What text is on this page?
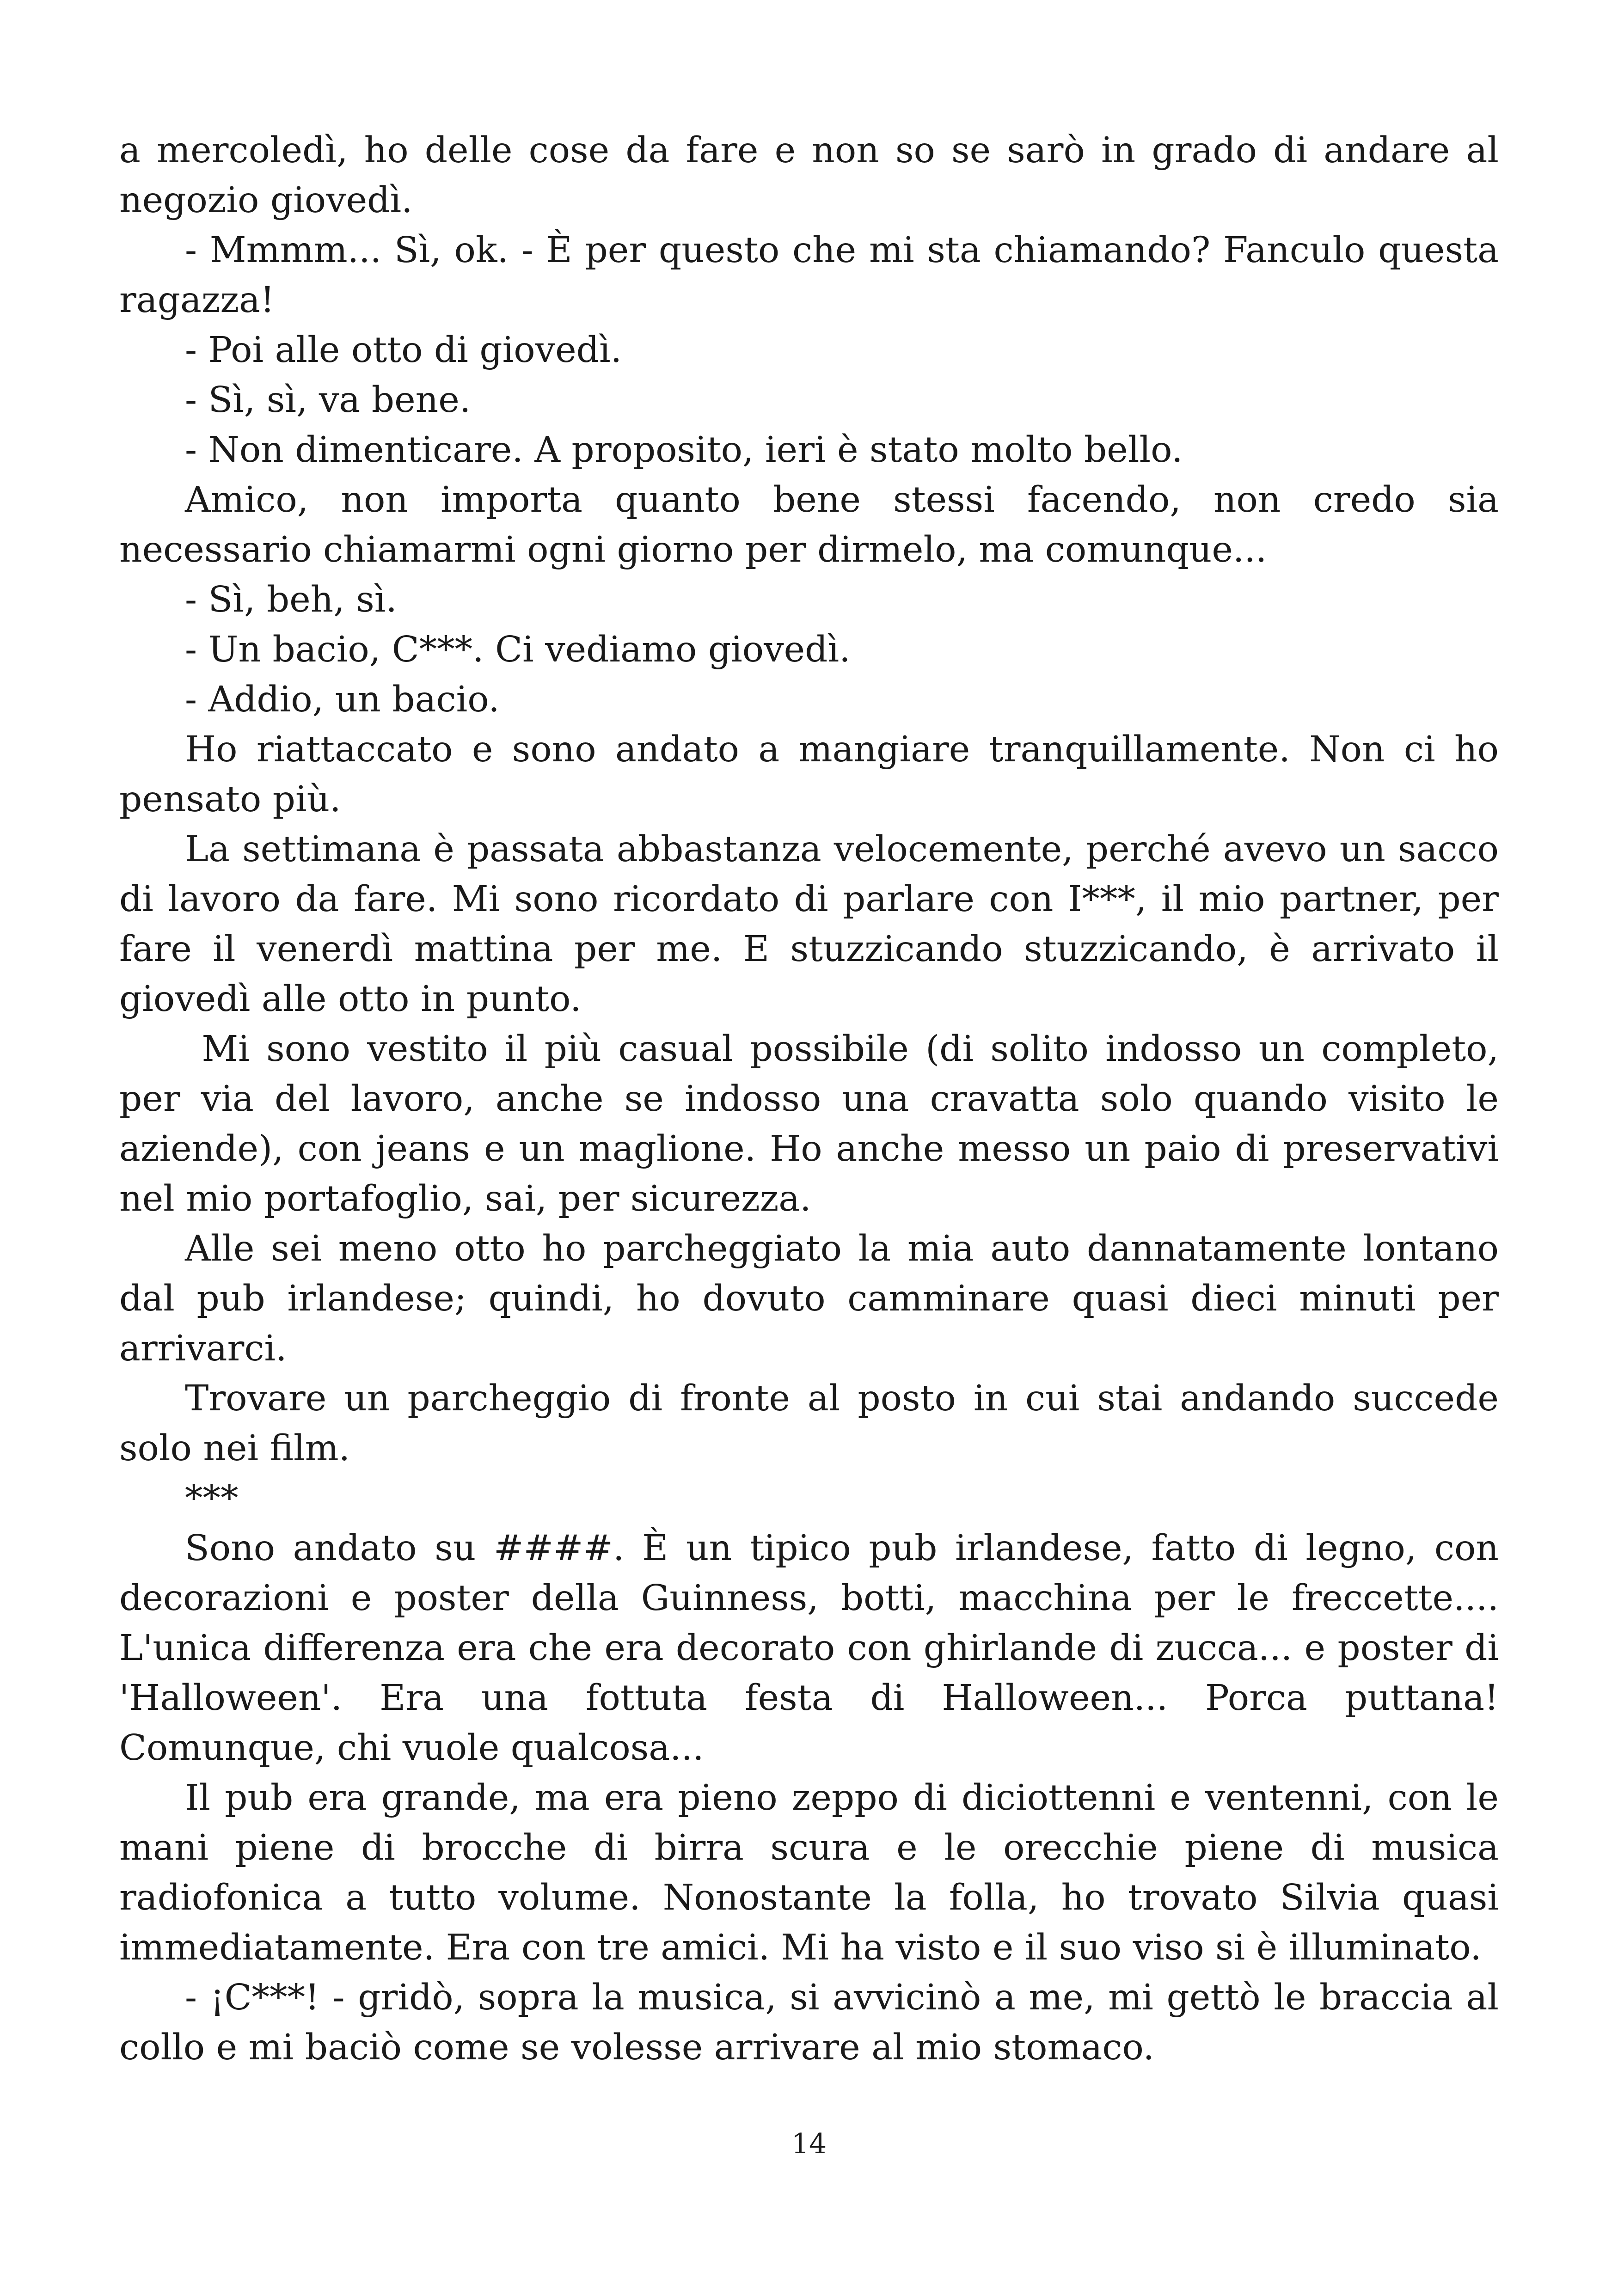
a mercoledì, ho delle cose da fare e non so se sarò in grado di andare al negozio giovedì.

- Mmmm... Sì, ok. - È per questo che mi sta chiamando? Fanculo questa ragazza!

- Poi alle otto di giovedì.

- Sì, sì, va bene.

- Non dimenticare. A proposito, ieri è stato molto bello.

Amico, non importa quanto bene stessi facendo, non credo sia necessario chiamarmi ogni giorno per dirmelo, ma comunque...

- Sì, beh, sì.

- Un bacio, C***. Ci vediamo giovedì.

- Addio, un bacio.

Ho riattaccato e sono andato a mangiare tranquillamente. Non ci ho pensato più.

La settimana è passata abbastanza velocemente, perché avevo un sacco di lavoro da fare. Mi sono ricordato di parlare con I***, il mio partner, per fare il venerdì mattina per me. E stuzzicando stuzzicando, è arrivato il giovedì alle otto in punto.

Mi sono vestito il più casual possibile (di solito indosso un completo, per via del lavoro, anche se indosso una cravatta solo quando visito le aziende), con jeans e un maglione. Ho anche messo un paio di preservativi nel mio portafoglio, sai, per sicurezza.

Alle sei meno otto ho parcheggiato la mia auto dannatamente lontano dal pub irlandese; quindi, ho dovuto camminare quasi dieci minuti per arrivarci.

Trovare un parcheggio di fronte al posto in cui stai andando succede solo nei film.

***

Sono andato su ####. È un tipico pub irlandese, fatto di legno, con decorazioni e poster della Guinness, botti, macchina per le freccette.... L'unica differenza era che era decorato con ghirlande di zucca... e poster di 'Halloween'. Era una fottuta festa di Halloween... Porca puttana! Comunque, chi vuole qualcosa...

Il pub era grande, ma era pieno zeppo di diciottenni e ventenni, con le mani piene di brocche di birra scura e le orecchie piene di musica radiofonica a tutto volume. Nonostante la folla, ho trovato Silvia quasi immediatamente. Era con tre amici. Mi ha visto e il suo viso si è illuminato.

- ¡C***! - gridò, sopra la musica, si avvicinò a me, mi gettò le braccia al collo e mi baciò come se volesse arrivare al mio stomaco.

14
